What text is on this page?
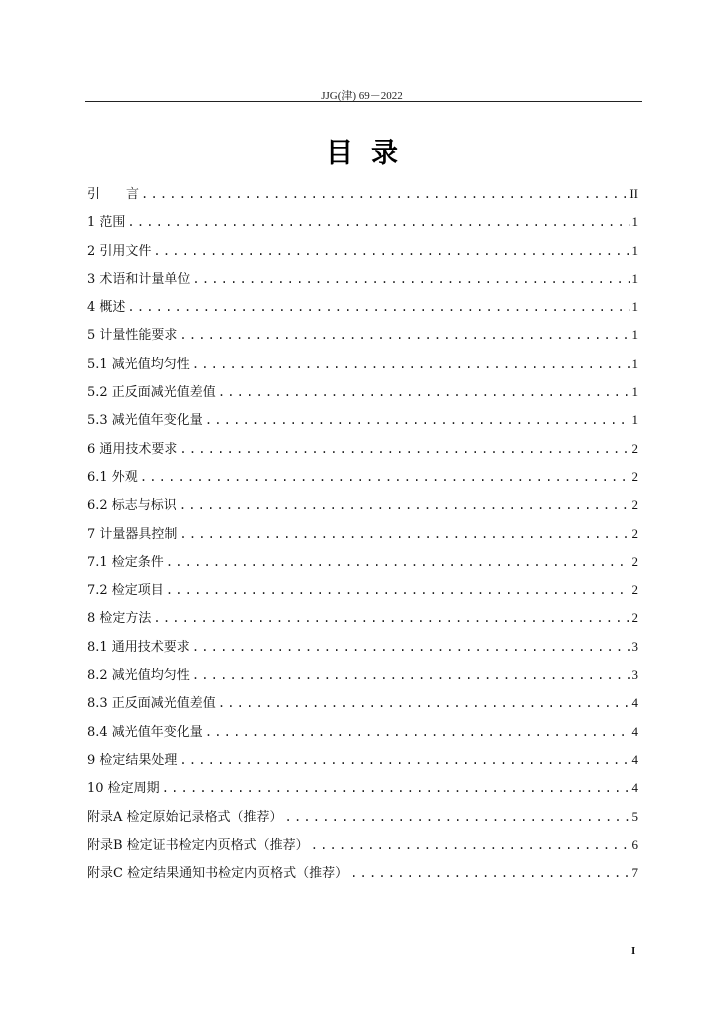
JJG(津) 69－2022
目录
引　　言 .....	II
1 范围 .....	1
2 引用文件 .....	1
3 术语和计量单位 .....	1
4 概述 .....	1
5 计量性能要求 .....	1
5.1 减光值均匀性 .....	1
5.2 正反面减光值差值 .....	1
5.3 减光值年变化量 .....	1
6 通用技术要求 .....	2
6.1 外观 .....	2
6.2 标志与标识 .....	2
7 计量器具控制 .....	2
7.1 检定条件 .....	2
7.2 检定项目 .....	2
8 检定方法 .....	2
8.1 通用技术要求 .....	3
8.2 减光值均匀性 .....	3
8.3 正反面减光值差值 .....	4
8.4 减光值年变化量 .....	4
9 检定结果处理 .....	4
10 检定周期 .....	4
附录A 检定原始记录格式（推荐） .....	5
附录B 检定证书检定内页格式（推荐） .....	6
附录C 检定结果通知书检定内页格式（推荐） .....	7
I
